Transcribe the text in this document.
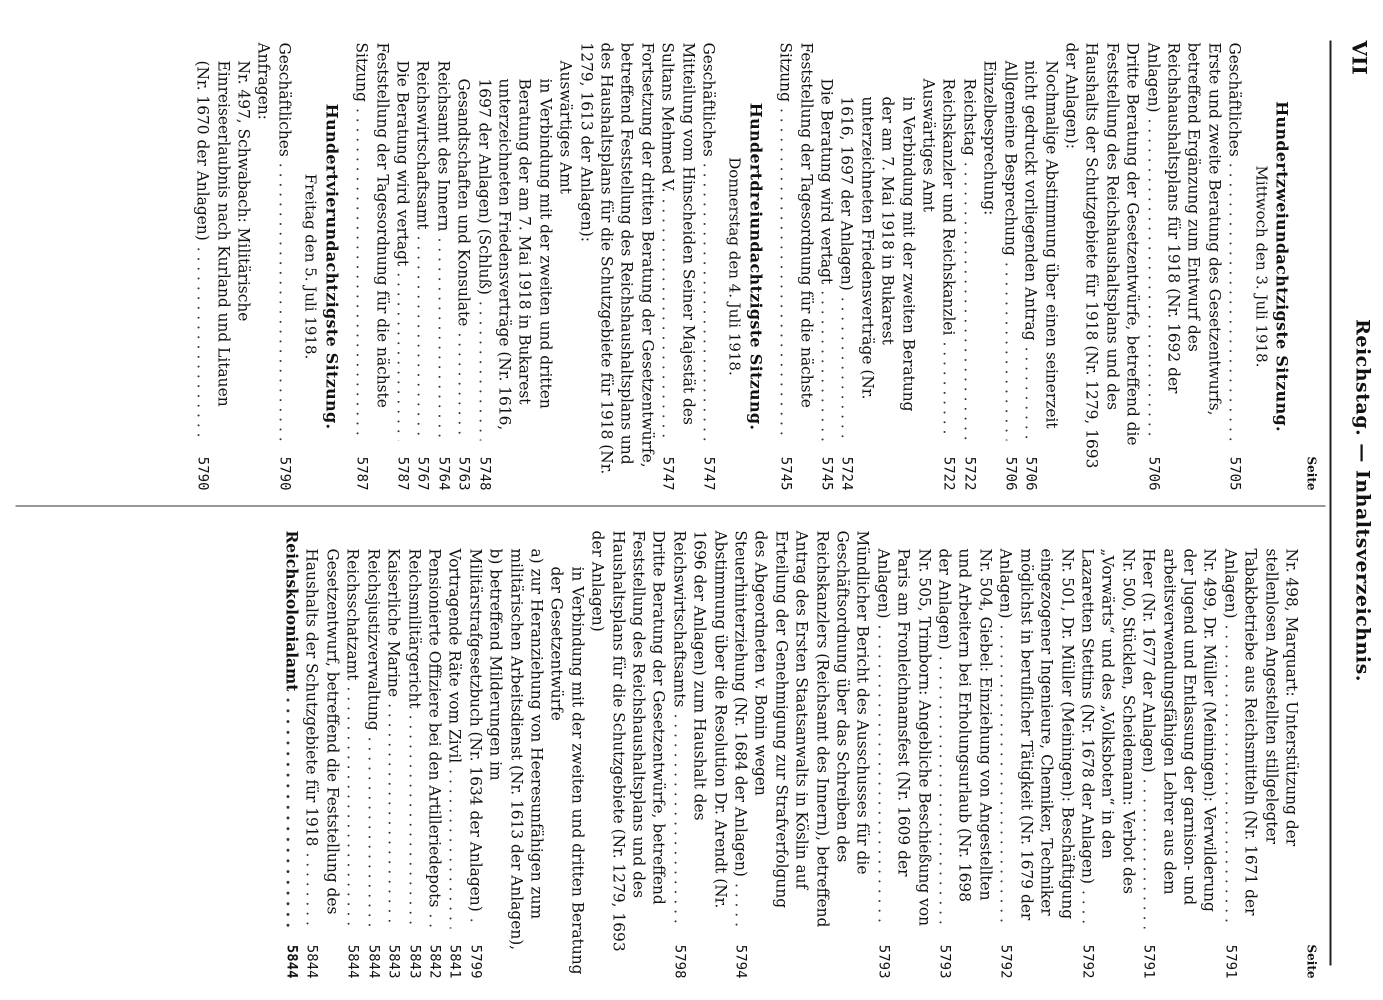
VII
Reichstag. — Inhaltsverzeichnis.
Seite
Hundertzweiundachtzigste Sitzung.
Mittwoch den 3. Juli 1918.
Geschäftliches . . .
5705
Erste und zweite Beratung des Gesetzentwurfs, betreffend Ergänzung zum Entwurf des Reichshaushaltsplans für 1918 (Nr. 1692 der Anlagen) . . .
5706
Dritte Beratung der Gesetzentwürfe, betreffend die Feststellung des Reichshaushaltsplans und des Haushalts der Schutzgebiete für 1918 (Nr. 1279, 1693 der Anlagen):
Nochmalige Abstimmung über einen seinerzeit nicht gedruckt vorliegenden Antrag . . .
5706
Allgemeine Besprechung . . .
5706
Einzelbesprechung:
Reichstag . . .
5722
Reichskanzler und Reichskanzlei . . .
5722
Auswärtiges Amt
in Verbindung mit der zweiten Beratung der am 7. Mai 1918 in Bukarest unterzeichneten Friedensverträge (Nr. 1616, 1697 der Anlagen) . . .
5724
Die Beratung wird vertagt . . .
5745
Feststellung der Tagesordnung für die nächste Sitzung . . .
5745
Hundertdreiundachtzigste Sitzung.
Donnerstag den 4. Juli 1918.
Geschäftliches . . .
5747
Mitteilung vom Hinscheiden Seiner Majestät des Sultans Mehmed V. . . .
5747
Fortsetzung der dritten Beratung der Gesetzentwürfe, betreffend Feststellung des Reichshaushaltsplans und des Haushaltsplans für die Schutzgebiete für 1918 (Nr. 1279, 1613 der Anlagen):
Auswärtiges Amt
in Verbindung mit der zweiten und dritten Beratung der am 7. Mai 1918 in Bukarest unterzeichneten Friedensverträge (Nr. 1616, 1697 der Anlagen) (Schluß) . . .
5748
Gesandtschaften und Konsulate . . .
5763
Reichsamt des Innern . . .
5764
Reichswirtschaftsamt . . .
5767
Die Beratung wird vertagt . . .
5787
Feststellung der Tagesordnung für die nächste Sitzung . . .
5787
Hundertvierundachtzigste Sitzung.
Freitag den 5. Juli 1918.
Geschäftliches . . .
5790
Anfragen:
Nr. 497, Schwabach: Militärische Einreiseerlaubnis nach Kurland und Litauen (Nr. 1670 der Anlagen) . . .
5790
Seite
Nr. 498, Marquart: Unterstützung der stellenlosen Angestellten stillgelegter Tabakbetriebe aus Reichsmitteln (Nr. 1671 der Anlagen) . . .
5791
Nr. 499, Dr. Müller (Meiningen): Verwilderung der Jugend und Entlassung der garnison- und arbeitsverwendungsfähigen Lehrer aus dem Heer (Nr. 1677 der Anlagen) . . .
5791
Nr. 500, Stücklen, Scheidemann: Verbot des „Vorwärts“ und des „Volksboten“ in den Lazaretten Stettins (Nr. 1678 der Anlagen) . . .
5792
Nr. 501, Dr. Müller (Meiningen): Beschäftigung eingezogener Ingenieure, Chemiker, Techniker möglichst in beruflicher Tätigkeit (Nr. 1679 der Anlagen) . . .
5792
Nr. 504, Giebel: Einziehung von Angestellten und Arbeitern bei Erholungsurlaub (Nr. 1698 der Anlagen) . . .
5793
Nr. 505, Trimborn: Angebliche Beschießung von Paris am Fronleichnamsfest (Nr. 1609 der Anlagen) . . .
5793
Mündlicher Bericht des Ausschusses für die Geschäftsordnung über das Schreiben des Reichskanzlers (Reichsamt des Innern), betreffend Antrag des Ersten Staatsanwalts in Köslin auf Erteilung der Genehmigung zur Strafverfolgung des Abgeordneten v. Bonin wegen Steuerhinterziehung (Nr. 1684 der Anlagen) . . .
5794
Abstimmung über die Resolution Dr. Arendt (Nr. 1696 der Anlagen) zum Haushalt des Reichswirtschaftsamts . . .
5798
Dritte Beratung der Gesetzentwürfe, betreffend Feststellung des Reichshaushaltsplans und des Haushaltsplans für die Schutzgebiete (Nr. 1279, 1693 der Anlagen)
in Verbindung mit der zweiten und dritten Beratung der Gesetzentwürfe
a) zur Heranziehung von Heeresunfähigen zum militärischen Arbeitsdienst (Nr. 1613 der Anlagen),
b) betreffend Milderungen im Militärstrafgesetzbuch (Nr. 1634 der Anlagen) . . .
5799
Vortragende Räte vom Zivil . . .
5841
Pensionierte Offiziere bei den Artilleriedepots . . .
5842
Reichsmilitärgericht . . .
5843
Kaiserliche Marine . . .
5843
Reichsjustizverwaltung . . .
5844
Reichsschatzamt . . .
5844
Gesetzentwurf, betreffend die Feststellung des Haushalts der Schutzgebiete für 1918 . . .
5844
Reichskolonialamt . . .
5844
